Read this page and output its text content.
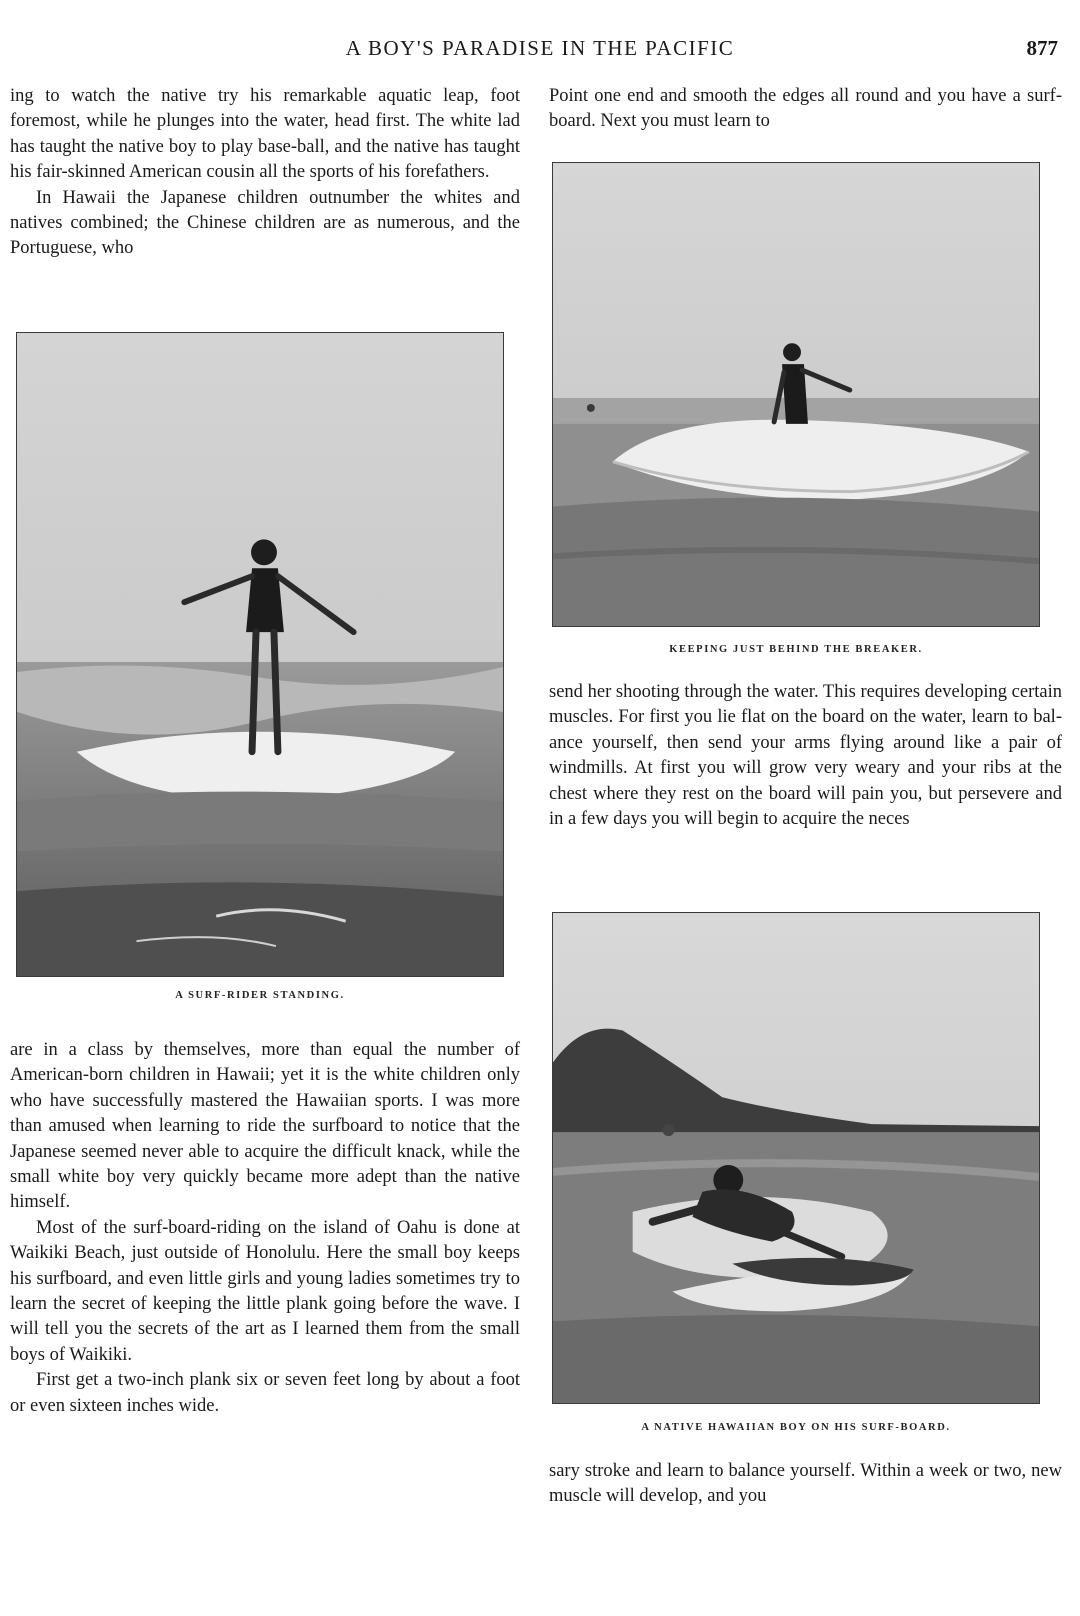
A BOY'S PARADISE IN THE PACIFIC	877

ing to watch the native try his remarkable aquatic leap, foot foremost, while he plunges into the water, head first. The white lad has taught the native boy to play base-ball, and the native has taught his fair-skinned American cousin all the sports of his forefathers.

In Hawaii the Japanese children outnumber the whites and natives combined; the Chinese children are as numerous, and the Portuguese, who

A SURF-RIDER STANDING.

are in a class by themselves, more than equal the number of American-born children in Hawaii; yet it is the white children only who have successfully mastered the Hawaiian sports. I was more than amused when learning to ride the surfboard to notice that the Japanese seemed never able to acquire the difficult knack, while the small white boy very quickly became more adept than the native himself.

Most of the surf-board-riding on the island of Oahu is done at Waikiki Beach, just outside of Honolulu. Here the small boy keeps his surfboard, and even little girls and young ladies sometimes try to learn the secret of keeping the little plank going before the wave. I will tell you the secrets of the art as I learned them from the small boys of Waikiki.

First get a two-inch plank six or seven feet long by about a foot or even sixteen inches wide.

Point one end and smooth the edges all round and you have a surf-board. Next you must learn to

KEEPING JUST BEHIND THE BREAKER.

send her shooting through the water. This requires developing certain muscles. For first you lie flat on the board on the water, learn to balance yourself, then send your arms flying around like a pair of windmills. At first you will grow very weary and your ribs at the chest where they rest on the board will pain you, but persevere and in a few days you will begin to acquire the neces

A NATIVE HAWAIIAN BOY ON HIS SURF-BOARD.

sary stroke and learn to balance yourself. Within a week or two, new muscle will develop, and you
